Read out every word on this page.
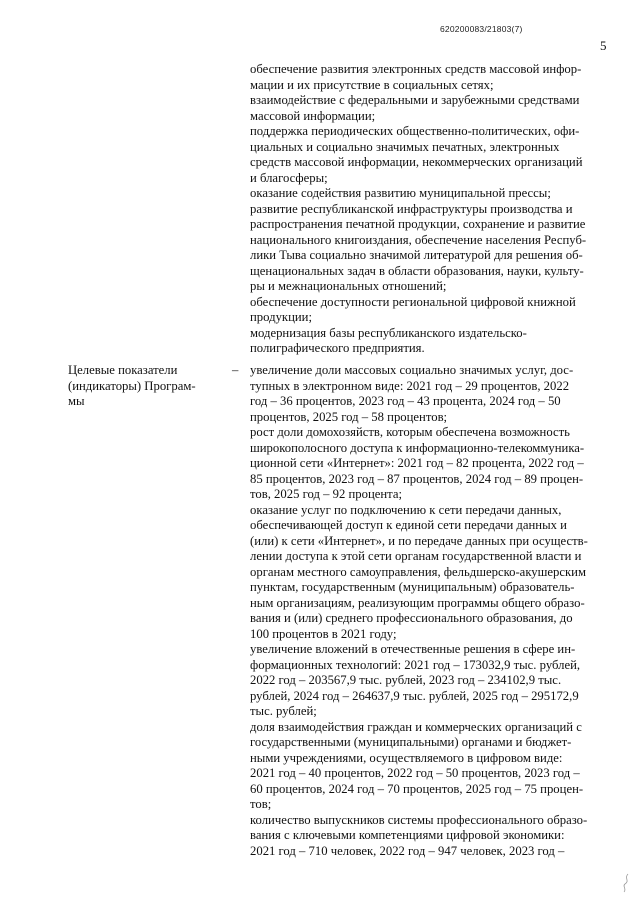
620200083/21803(7)
5
обеспечение развития электронных средств массовой инфор-
мации и их присутствие в социальных сетях;
взаимодействие с федеральными и зарубежными средствами
массовой информации;
поддержка периодических общественно-политических, офи-
циальных и социально значимых печатных, электронных
средств массовой информации, некоммерческих организаций
и благосферы;
оказание содействия развитию муниципальной прессы;
развитие республиканской инфраструктуры производства и
распространения печатной продукции, сохранение и развитие
национального книгоиздания, обеспечение населения Респуб-
лики Тыва социально значимой литературой для решения об-
щенациональных задач в области образования, науки, культу-
ры и межнациональных отношений;
обеспечение доступности региональной цифровой книжной
продукции;
модернизация базы республиканского издательско-
полиграфического предприятия.
Целевые показатели
(индикаторы) Програм-
мы
– увеличение доли массовых социально значимых услуг, дос-
тупных в электронном виде: 2021 год – 29 процентов, 2022
год – 36 процентов, 2023 год – 43 процента, 2024 год – 50
процентов, 2025 год – 58 процентов;
рост доли домохозяйств, которым обеспечена возможность
широкополосного доступа к информационно-телекоммуника-
ционной сети «Интернет»: 2021 год – 82 процента, 2022 год –
85 процентов, 2023 год – 87 процентов, 2024 год – 89 процен-
тов, 2025 год – 92 процента;
оказание услуг по подключению к сети передачи данных,
обеспечивающей доступ к единой сети передачи данных и
(или) к сети «Интернет», и по передаче данных при осуществ-
лении доступа к этой сети органам государственной власти и
органам местного самоуправления, фельдшерско-акушерским
пунктам, государственным (муниципальным) образователь-
ным организациям, реализующим программы общего образо-
вания и (или) среднего профессионального образования, до
100 процентов в 2021 году;
увеличение вложений в отечественные решения в сфере ин-
формационных технологий: 2021 год – 173032,9 тыс. рублей,
2022 год – 203567,9 тыс. рублей, 2023 год – 234102,9 тыс.
рублей, 2024 год – 264637,9 тыс. рублей, 2025 год – 295172,9
тыс. рублей;
доля взаимодействия граждан и коммерческих организаций с
государственными (муниципальными) органами и бюджет-
ными учреждениями, осуществляемого в цифровом виде:
2021 год – 40 процентов, 2022 год – 50 процентов, 2023 год –
60 процентов, 2024 год – 70 процентов, 2025 год – 75 процен-
тов;
количество выпускников системы профессионального образо-
вания с ключевыми компетенциями цифровой экономики:
2021 год – 710 человек, 2022 год – 947 человек, 2023 год –
